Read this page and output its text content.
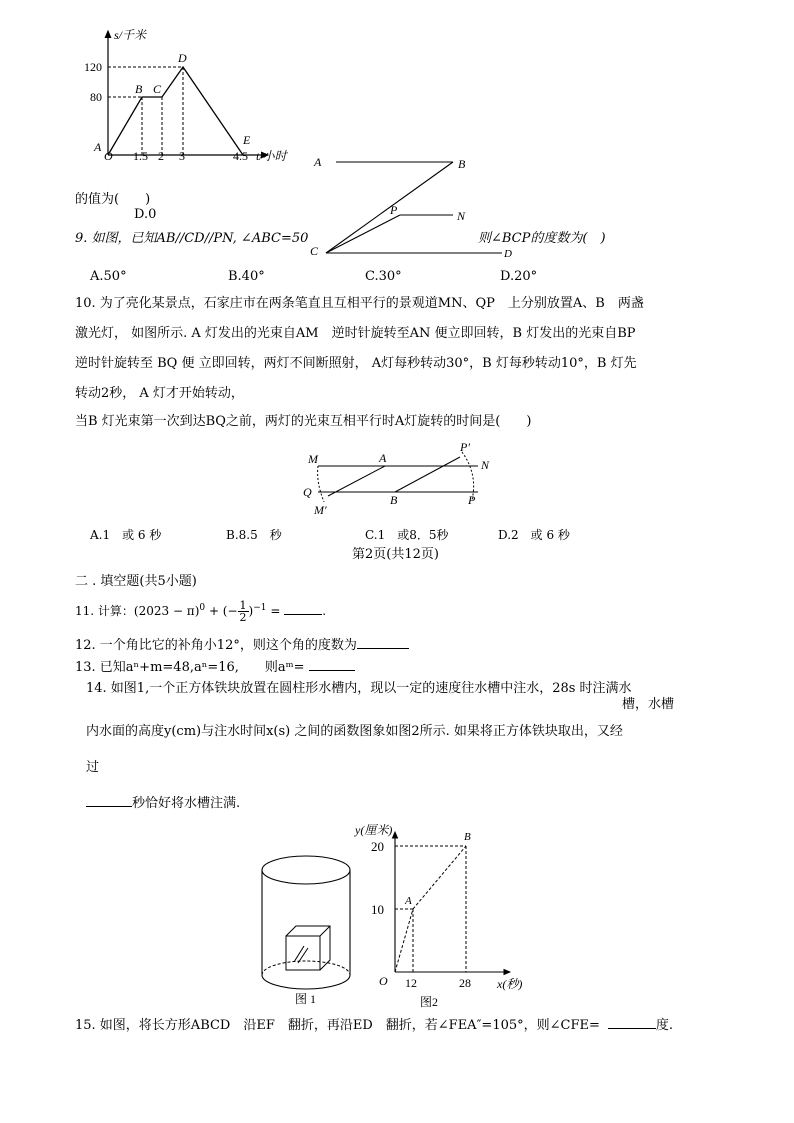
s/千米
t/小时
120
80
1.5 2 3	4.5
O
A
B C
D
E
的值为(　　)
D.0
A	B
P	N
C	D
9. 如图，已知AB//CD//PN, ∠ABC=50	则∠BCP的度数为(　)
A.50°	B.40°	C.30°	D.20°
10. 为了亮化某景点，石家庄市在两条笔直且互相平行的景观道MN、QP　上分别放置A、B　两盏
激光灯， 如图所示. A 灯发出的光束自AM　逆时针旋转至AN 便立即回转，B 灯发出的光束自BP
逆时针旋转至 BQ 便 立即回转，两灯不间断照射， A灯每秒转动30°，B 灯每秒转动10°，B 灯先
转动2秒， A 灯才开始转动，
当B 灯光束第一次到达BQ之前，两灯的光束互相平行时A灯旋转的时间是(　　)
M	A
P′
N
Q
B	P
M′
A.1　或 6 秒	B.8.5　秒	C.1　或8．5秒	D.2　或 6 秒
第2页(共12页)
二 . 填空题(共5小题)
11. 计算：$(2023 - \pi)^0$ + (− $\frac{1}{2} )^{-1}$ =	.
12. 一个角比它的补角小12°，则这个角的度数为
13. 已知aⁿ+m=48,aⁿ=16,　　则aᵐ=
14. 如图1,一个正方体铁块放置在圆柱形水槽内，现以一定的速度往水槽中注水，28s 时注满水
槽，水槽
内水面的高度y(cm)与注水时间x(s) 之间的函数图象如图2所示. 如果将正方体铁块取出，又经
过
秒恰好将水槽注满.
图 1
y(厘米)
x(秒)
20
10
12	28
O
A
B
图2
15. 如图，将长方形ABCD　沿EF　翻折，再沿ED　翻折，若∠FEA″=105°，则∠CFE=	度.
